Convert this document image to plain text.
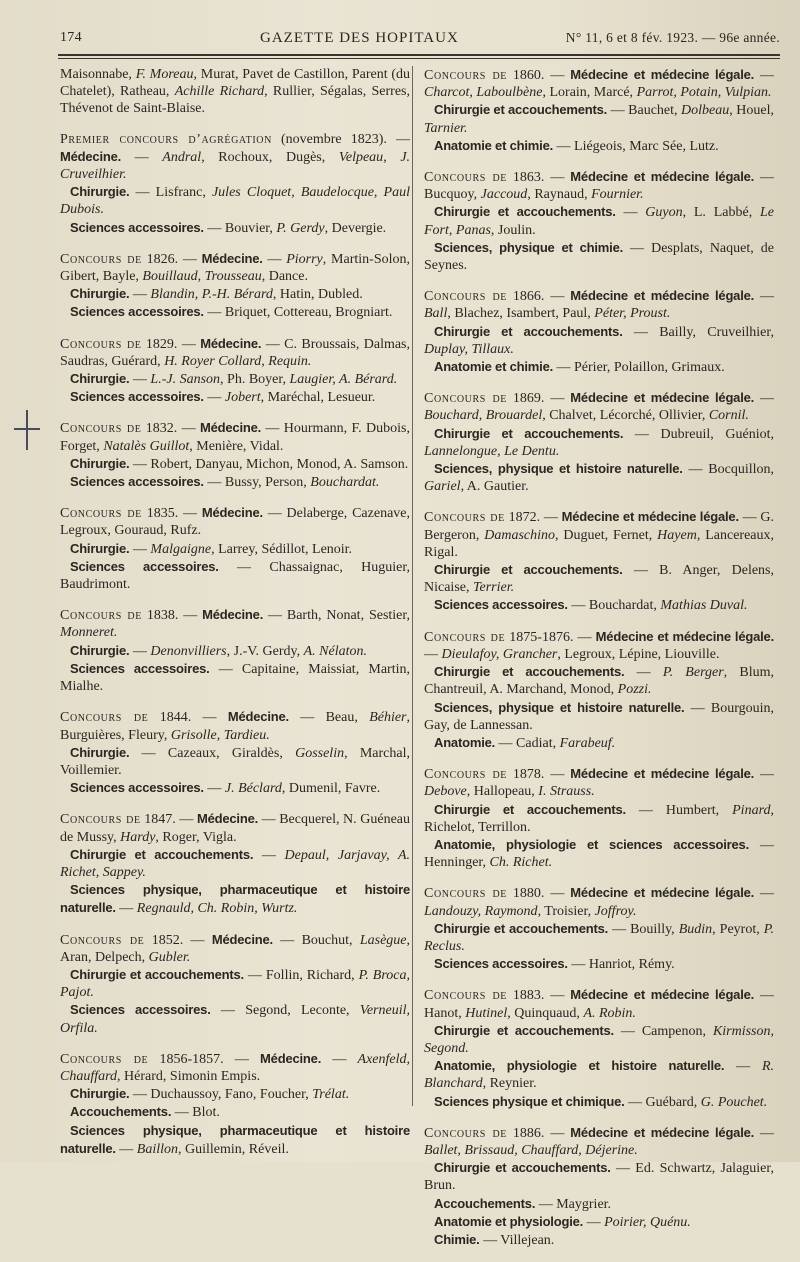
174	GAZETTE DES HOPITAUX	N° 11, 6 et 8 fév. 1923. — 96e année.
Maisonnabe, F. Moreau, Murat, Pavet de Castillon, Parent (du Chatelet), Ratheau, Achille Richard, Rullier, Ségalas, Serres, Thévenot de Saint-Blaise.
Premier concours d’agrégation (novembre 1823). — Médecine. — Andral, Rochoux, Dugès, Velpeau, J. Cruveilhier.
Chirurgie. — Lisfranc, Jules Cloquet, Baudelocque, Paul Dubois.
Sciences accessoires. — Bouvier, P. Gerdy, Devergie.
Concours de 1826. — Médecine. — Piorry, Martin-Solon, Gibert, Bayle, Bouillaud, Trousseau, Dance.
Chirurgie. — Blandin, P.-H. Bérard, Hatin, Dubled.
Sciences accessoires. — Briquet, Cottereau, Brogniart.
Concours de 1829. — Médecine. — C. Broussais, Dalmas, Saudras, Guérard, H. Royer Collard, Requin.
Chirurgie. — L.-J. Sanson, Ph. Boyer, Laugier, A. Bérard.
Sciences accessoires. — Jobert, Maréchal, Lesueur.
Concours de 1832. — Médecine. — Hourmann, F. Dubois, Forget, Natalès Guillot, Menière, Vidal.
Chirurgie. — Robert, Danyau, Michon, Monod, A. Samson.
Sciences accessoires. — Bussy, Person, Bouchardat.
Concours de 1835. — Médecine. — Delaberge, Cazenave, Legroux, Gouraud, Rufz.
Chirurgie. — Malgaigne, Larrey, Sédillot, Lenoir.
Sciences accessoires. — Chassaignac, Huguier, Baudrimont.
Concours de 1838. — Médecine. — Barth, Nonat, Sestier, Monneret.
Chirurgie. — Denonvilliers, J.-V. Gerdy, A. Nélaton.
Sciences accessoires. — Capitaine, Maissiat, Martin, Mialhe.
Concours de 1844. — Médecine. — Beau, Béhier, Burguières, Fleury, Grisolle, Tardieu.
Chirurgie. — Cazeaux, Giraldès, Gosselin, Marchal, Voillemier.
Sciences accessoires. — J. Béclard, Dumenil, Favre.
Concours de 1847. — Médecine. — Becquerel, N. Guéneau de Mussy, Hardy, Roger, Vigla.
Chirurgie et accouchements. — Depaul, Jarjavay, A. Richet, Sappey.
Sciences physique, pharmaceutique et histoire naturelle. — Regnauld, Ch. Robin, Wurtz.
Concours de 1852. — Médecine. — Bouchut, Lasègue, Aran, Delpech, Gubler.
Chirurgie et accouchements. — Follin, Richard, P. Broca, Pajot.
Sciences accessoires. — Segond, Leconte, Verneuil, Orfila.
Concours de 1856-1857. — Médecine. — Axenfeld, Chauffard, Hérard, Simonin Empis.
Chirurgie. — Duchaussoy, Fano, Foucher, Trélat.
Accouchements. — Blot.
Sciences physique, pharmaceutique et histoire naturelle. — Baillon, Guillemin, Réveil.
Concours de 1860. — Médecine et médecine légale. — Charcot, Laboulbène, Lorain, Marcé, Parrot, Potain, Vulpian.
Chirurgie et accouchements. — Bauchet, Dolbeau, Houel, Tarnier.
Anatomie et chimie. — Liégeois, Marc Sée, Lutz.
Concours de 1863. — Médecine et médecine légale. — Bucquoy, Jaccoud, Raynaud, Fournier.
Chirurgie et accouchements. — Guyon, L. Labbé, Le Fort, Panas, Joulin.
Sciences, physique et chimie. — Desplats, Naquet, de Seynes.
Concours de 1866. — Médecine et médecine légale. — Ball, Blachez, Isambert, Paul, Péter, Proust.
Chirurgie et accouchements. — Bailly, Cruveilhier, Duplay, Tillaux.
Anatomie et chimie. — Périer, Polaillon, Grimaux.
Concours de 1869. — Médecine et médecine légale. — Bouchard, Brouardel, Chalvet, Lécorché, Ollivier, Cornil.
Chirurgie et accouchements. — Dubreuil, Guéniot, Lannelongue, Le Dentu.
Sciences, physique et histoire naturelle. — Bocquillon, Gariel, A. Gautier.
Concours de 1872. — Médecine et médecine légale. — G. Bergeron, Damaschino, Duguet, Fernet, Hayem, Lancereaux, Rigal.
Chirurgie et accouchements. — B. Anger, Delens, Nicaise, Terrier.
Sciences accessoires. — Bouchardat, Mathias Duval.
Concours de 1875-1876. — Médecine et médecine légale. — Dieulafoy, Grancher, Legroux, Lépine, Liouville.
Chirurgie et accouchements. — P. Berger, Blum, Chantreuil, A. Marchand, Monod, Pozzi.
Sciences, physique et histoire naturelle. — Bourgouin, Gay, de Lannessan.
Anatomie. — Cadiat, Farabeuf.
Concours de 1878. — Médecine et médecine légale. — Debove, Hallopeau, I. Strauss.
Chirurgie et accouchements. — Humbert, Pinard, Richelot, Terrillon.
Anatomie, physiologie et sciences accessoires. — Henninger, Ch. Richet.
Concours de 1880. — Médecine et médecine légale. — Landouzy, Raymond, Troisier, Joffroy.
Chirurgie et accouchements. — Bouilly, Budin, Peyrot, P. Reclus.
Sciences accessoires. — Hanriot, Rémy.
Concours de 1883. — Médecine et médecine légale. — Hanot, Hutinel, Quinquaud, A. Robin.
Chirurgie et accouchements. — Campenon, Kirmisson, Segond.
Anatomie, physiologie et histoire naturelle. — R. Blanchard, Reynier.
Sciences physique et chimique. — Guébard, G. Pouchet.
Concours de 1886. — Médecine et médecine légale. — Ballet, Brissaud, Chauffard, Déjerine.
Chirurgie et accouchements. — Ed. Schwartz, Jalaguier, Brun.
Accouchements. — Maygrier.
Anatomie et physiologie. — Poirier, Quénu.
Chimie. — Villejean.
